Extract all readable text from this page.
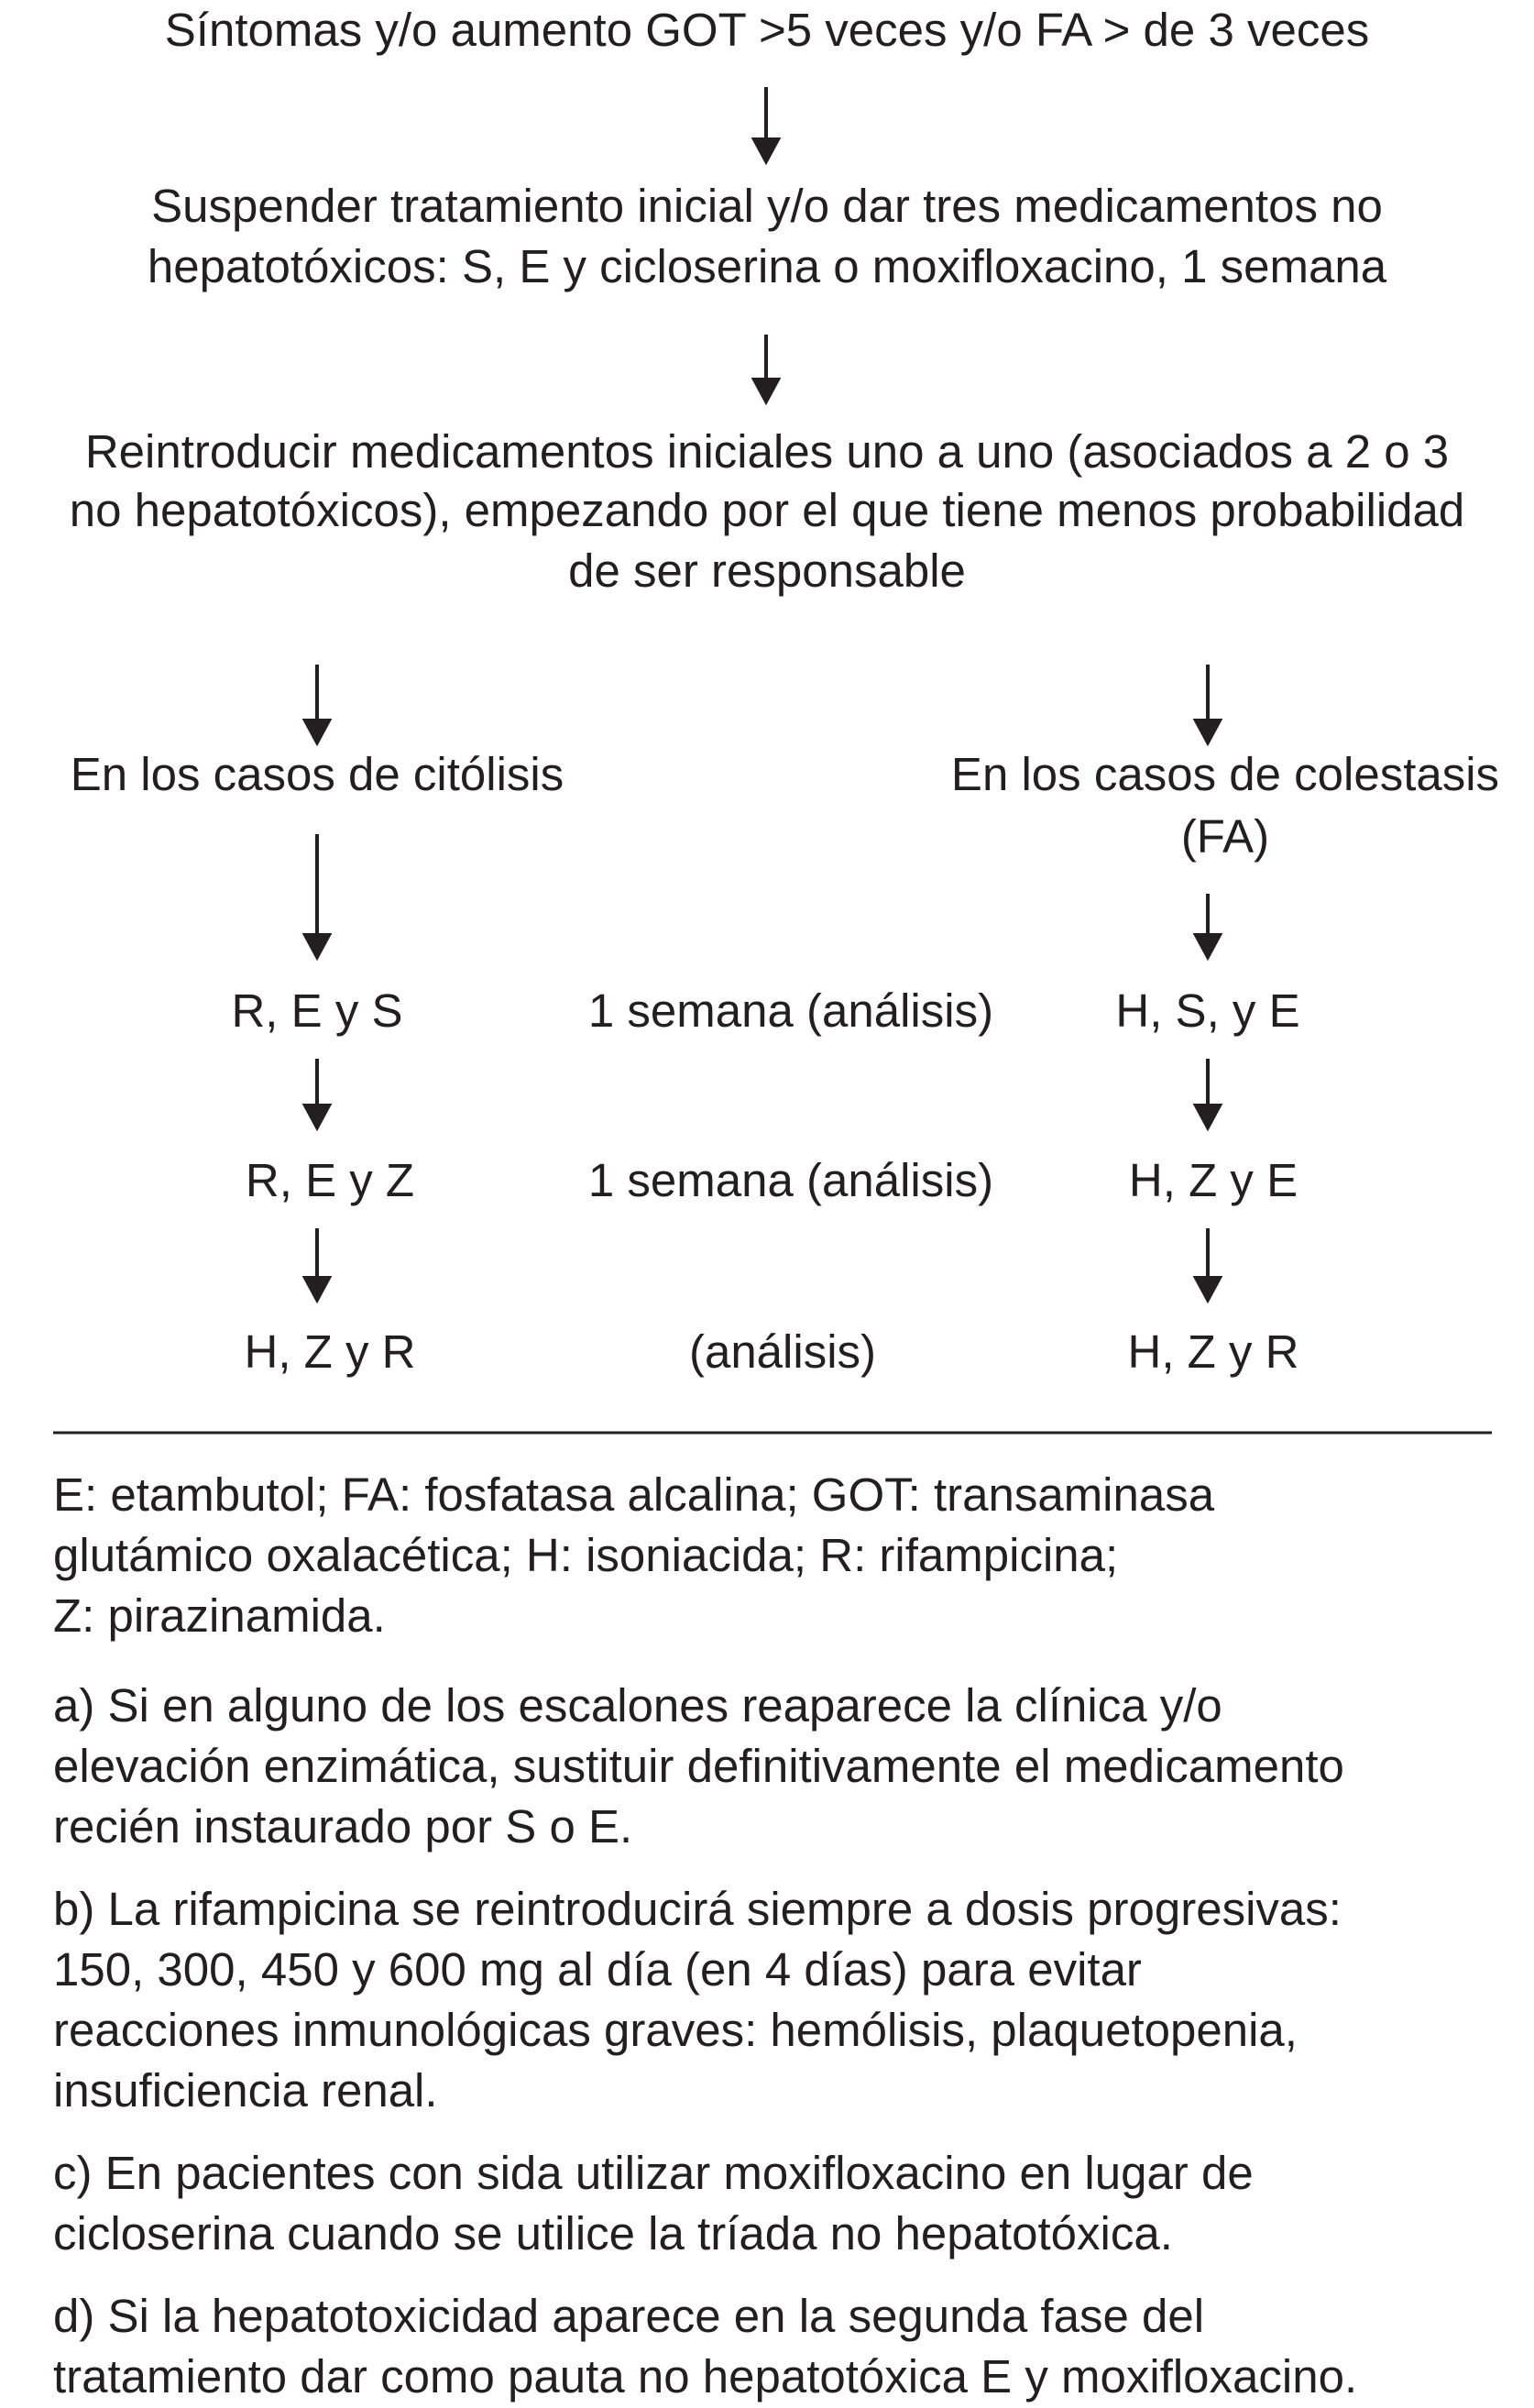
Síntomas y/o aumento GOT >5 veces y/o FA > de 3 veces
Suspender tratamiento inicial y/o dar tres medicamentos no
hepatotóxicos: S, E y cicloserina o moxifloxacino, 1 semana
Reintroducir medicamentos iniciales uno a uno (asociados a 2 o 3
no hepatotóxicos), empezando por el que tiene menos probabilidad
de ser responsable
En los casos de citólisis	En los casos de colestasis
(FA)
R, E y S	1 semana (análisis)	H, S, y E
R, E y Z	1 semana (análisis)	H, Z y E
H, Z y R	(análisis)	H, Z y R
E: etambutol; FA: fosfatasa alcalina; GOT: transaminasa
glutámico oxalacética; H: isoniacida; R: rifampicina;
Z: pirazinamida.
a) Si en alguno de los escalones reaparece la clínica y/o
elevación enzimática, sustituir definitivamente el medicamento
recién instaurado por S o E.
b) La rifampicina se reintroducirá siempre a dosis progresivas:
150, 300, 450 y 600 mg al día (en 4 días) para evitar
reacciones inmunológicas graves: hemólisis, plaquetopenia,
insuficiencia renal.
c) En pacientes con sida utilizar moxifloxacino en lugar de
cicloserina cuando se utilice la tríada no hepatotóxica.
d) Si la hepatotoxicidad aparece en la segunda fase del
tratamiento dar como pauta no hepatotóxica E y moxifloxacino.
